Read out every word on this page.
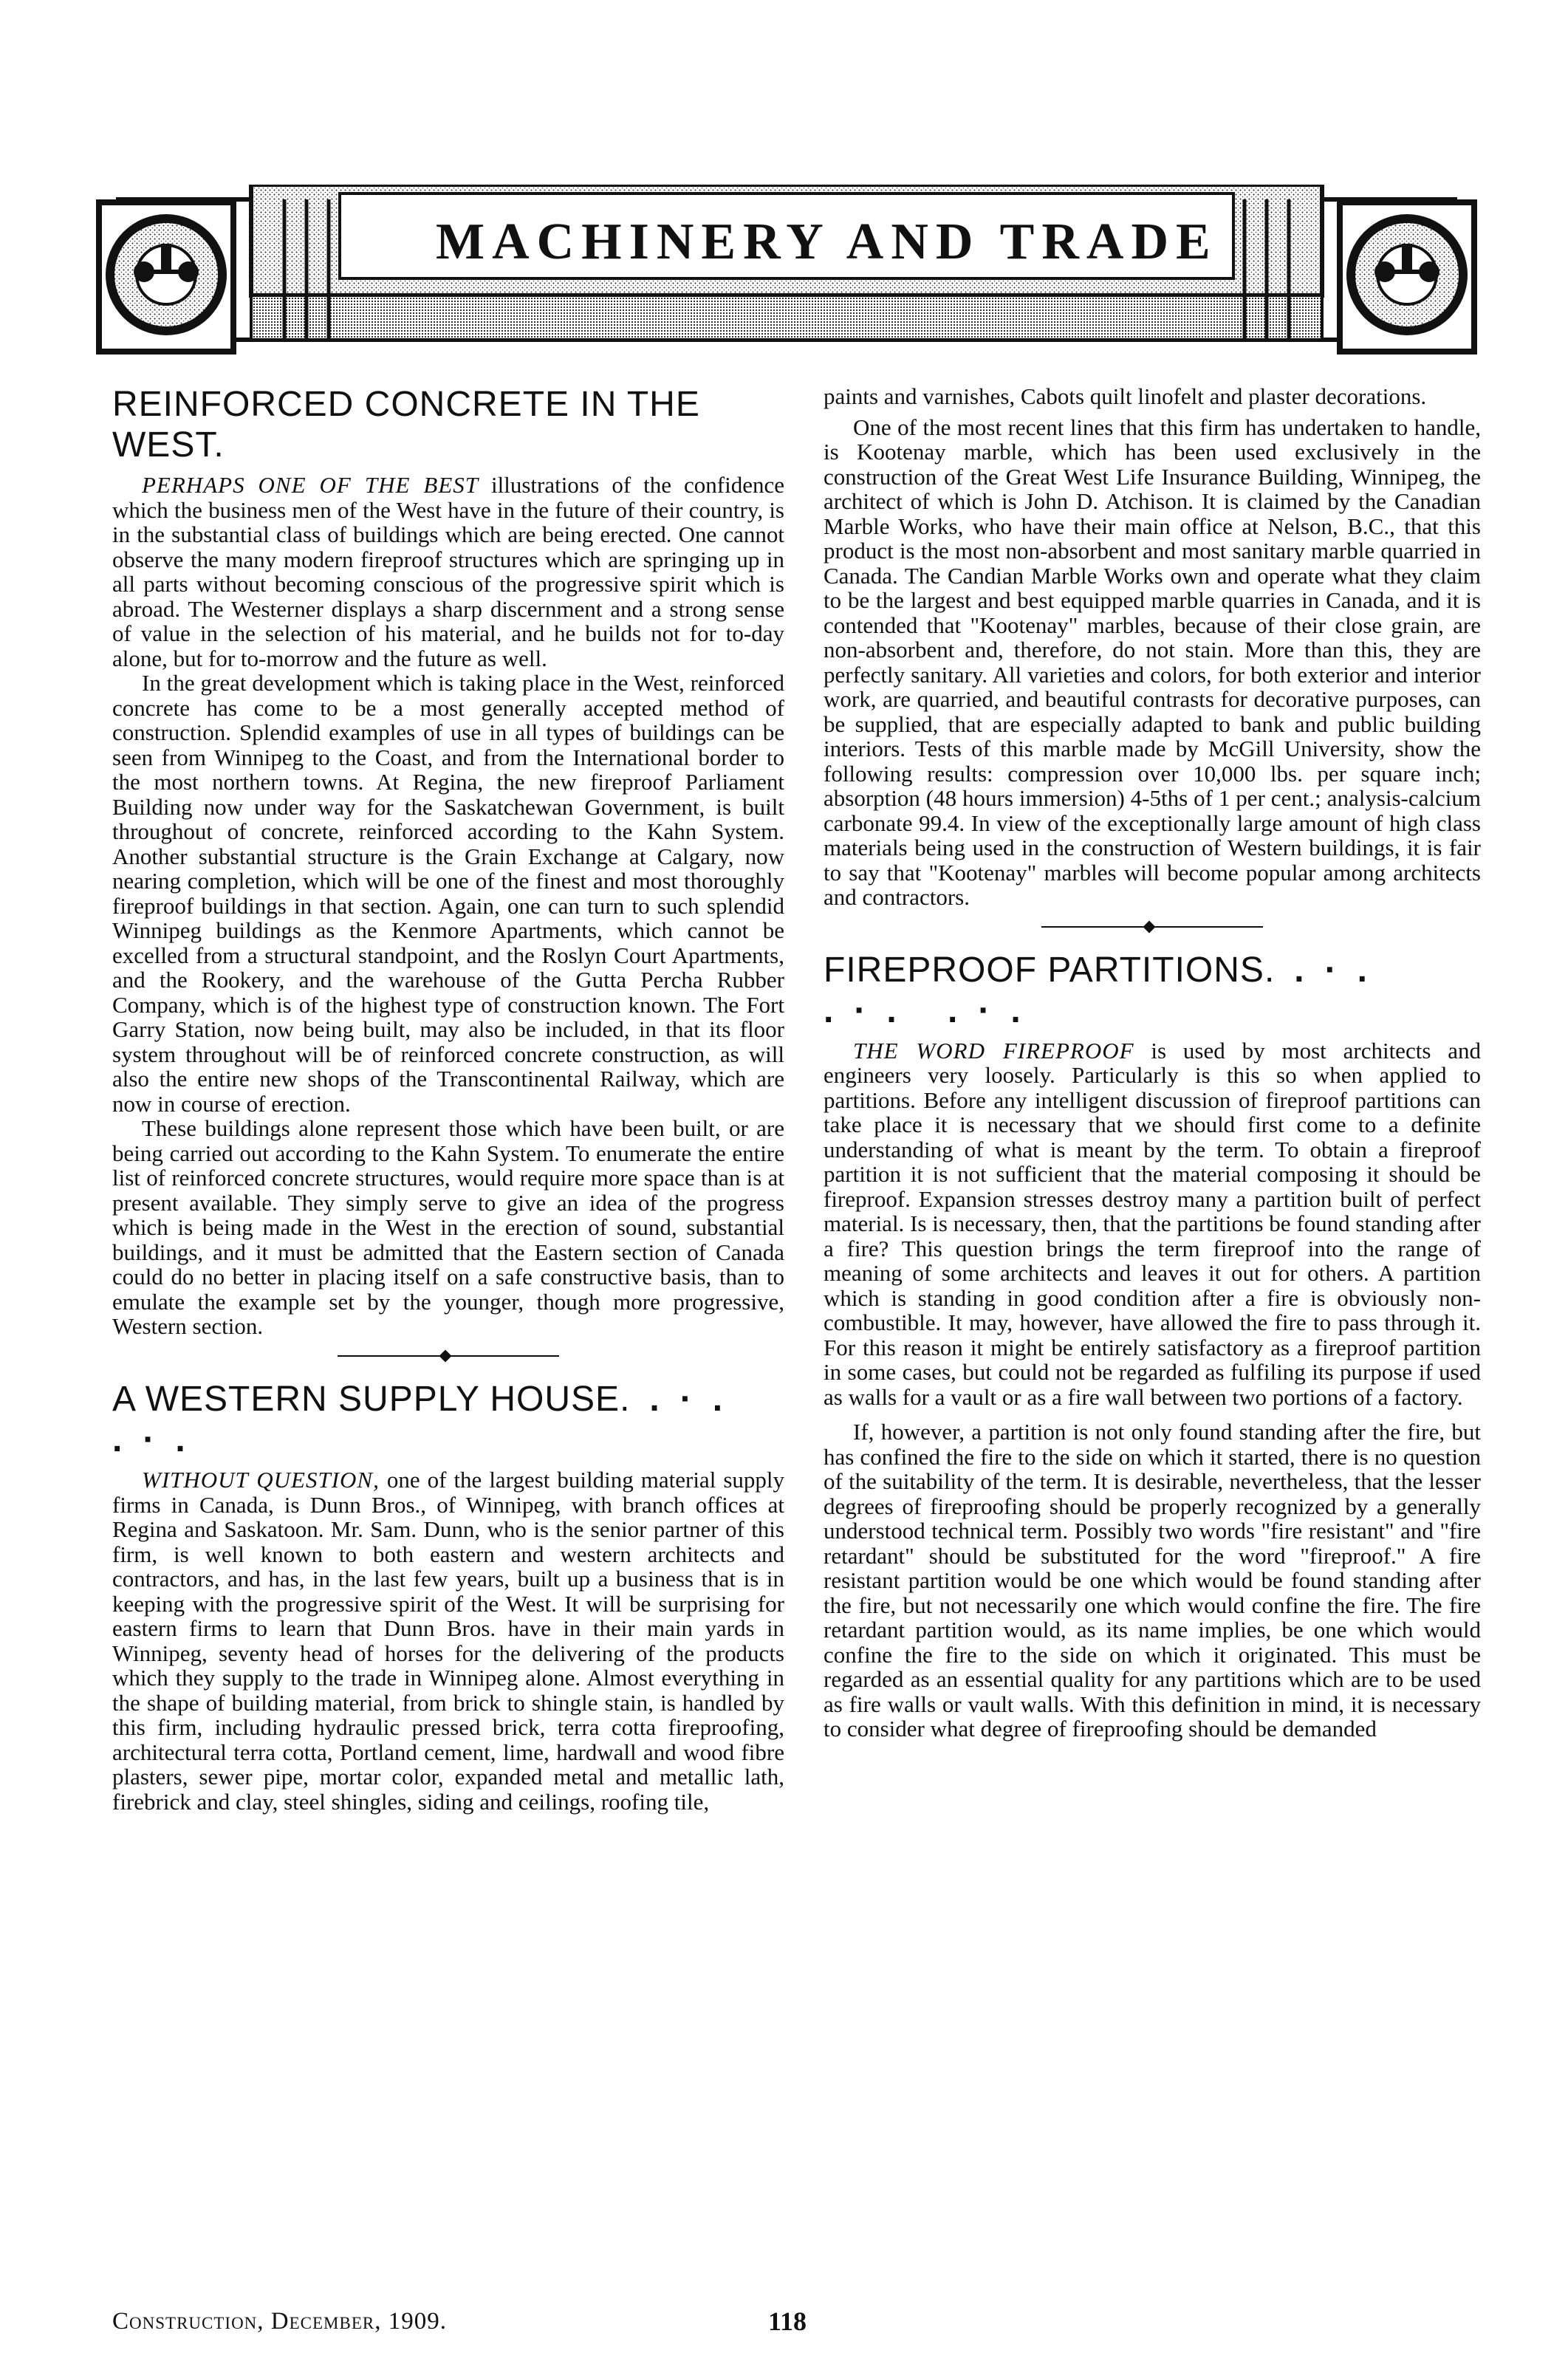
MACHINERY AND TRADE
REINFORCED CONCRETE IN THE WEST.

PERHAPS ONE OF THE BEST illustrations of the confidence which the business men of the West have in the future of their country, is in the substantial class of buildings which are being erected. One cannot observe the many modern fireproof structures which are springing up in all parts without becoming conscious of the progressive spirit which is abroad. The Westerner displays a sharp discernment and a strong sense of value in the selection of his material, and he builds not for to-day alone, but for to-morrow and the future as well.

In the great development which is taking place in the West, reinforced concrete has come to be a most generally accepted method of construction. Splendid examples of use in all types of buildings can be seen from Winnipeg to the Coast, and from the International border to the most northern towns. At Regina, the new fireproof Parliament Building now under way for the Saskatchewan Government, is built throughout of concrete, reinforced according to the Kahn System. Another substantial structure is the Grain Exchange at Calgary, now nearing completion, which will be one of the finest and most thoroughly fireproof buildings in that section. Again, one can turn to such splendid Winnipeg buildings as the Kenmore Apartments, which cannot be excelled from a structural standpoint, and the Roslyn Court Apartments, and the Rookery, and the warehouse of the Gutta Percha Rubber Company, which is of the highest type of construction known. The Fort Garry Station, now being built, may also be included, in that its floor system throughout will be of reinforced concrete construction, as will also the entire new shops of the Transcontinental Railway, which are now in course of erection.

These buildings alone represent those which have been built, or are being carried out according to the Kahn System. To enumerate the entire list of reinforced concrete structures, would require more space than is at present available. They simply serve to give an idea of the progress which is being made in the West in the erection of sound, substantial buildings, and it must be admitted that the Eastern section of Canada could do no better in placing itself on a safe constructive basis, than to emulate the example set by the younger, though more progressive, Western section.

A WESTERN SUPPLY HOUSE. .·. .·.

WITHOUT QUESTION, one of the largest building material supply firms in Canada, is Dunn Bros., of Winnipeg, with branch offices at Regina and Saskatoon. Mr. Sam. Dunn, who is the senior partner of this firm, is well known to both eastern and western architects and contractors, and has, in the last few years, built up a business that is in keeping with the progressive spirit of the West. It will be surprising for eastern firms to learn that Dunn Bros. have in their main yards in Winnipeg, seventy head of horses for the delivering of the products which they supply to the trade in Winnipeg alone. Almost everything in the shape of building material, from brick to shingle stain, is handled by this firm, including hydraulic pressed brick, terra cotta fireproofing, architectural terra cotta, Portland cement, lime, hardwall and wood fibre plasters, sewer pipe, mortar color, expanded metal and metallic lath, firebrick and clay, steel shingles, siding and ceilings, roofing tile,

paints and varnishes, Cabots quilt linofelt and plaster decorations.

One of the most recent lines that this firm has undertaken to handle, is Kootenay marble, which has been used exclusively in the construction of the Great West Life Insurance Building, Winnipeg, the architect of which is John D. Atchison. It is claimed by the Canadian Marble Works, who have their main office at Nelson, B.C., that this product is the most non-absorbent and most sanitary marble quarried in Canada. The Candian Marble Works own and operate what they claim to be the largest and best equipped marble quarries in Canada, and it is contended that "Kootenay" marbles, because of their close grain, are non-absorbent and, therefore, do not stain. More than this, they are perfectly sanitary. All varieties and colors, for both exterior and interior work, are quarried, and beautiful contrasts for decorative purposes, can be supplied, that are especially adapted to bank and public building interiors. Tests of this marble made by McGill University, show the following results: compression over 10,000 lbs. per square inch; absorption (48 hours immersion) 4-5ths of 1 per cent.; analysis-calcium carbonate 99.4. In view of the exceptionally large amount of high class materials being used in the construction of Western buildings, it is fair to say that "Kootenay" marbles will become popular among architects and contractors.

FIREPROOF PARTITIONS. .·. .·. .·.

THE WORD FIREPROOF is used by most architects and engineers very loosely. Particularly is this so when applied to partitions. Before any intelligent discussion of fireproof partitions can take place it is necessary that we should first come to a definite understanding of what is meant by the term. To obtain a fireproof partition it is not sufficient that the material composing it should be fireproof. Expansion stresses destroy many a partition built of perfect material. Is is necessary, then, that the partitions be found standing after a fire? This question brings the term fireproof into the range of meaning of some architects and leaves it out for others. A partition which is standing in good condition after a fire is obviously non-combustible. It may, however, have allowed the fire to pass through it. For this reason it might be entirely satisfactory as a fireproof partition in some cases, but could not be regarded as fulfiling its purpose if used as walls for a vault or as a fire wall between two portions of a factory.

If, however, a partition is not only found standing after the fire, but has confined the fire to the side on which it started, there is no question of the suitability of the term. It is desirable, nevertheless, that the lesser degrees of fireproofing should be properly recognized by a generally understood technical term. Possibly two words "fire resistant" and "fire retardant" should be substituted for the word "fireproof." A fire resistant partition would be one which would be found standing after the fire, but not necessarily one which would confine the fire. The fire retardant partition would, as its name implies, be one which would confine the fire to the side on which it originated. This must be regarded as an essential quality for any partitions which are to be used as fire walls or vault walls. With this definition in mind, it is necessary to consider what degree of fireproofing should be demanded

Construction, December, 1909.	118
